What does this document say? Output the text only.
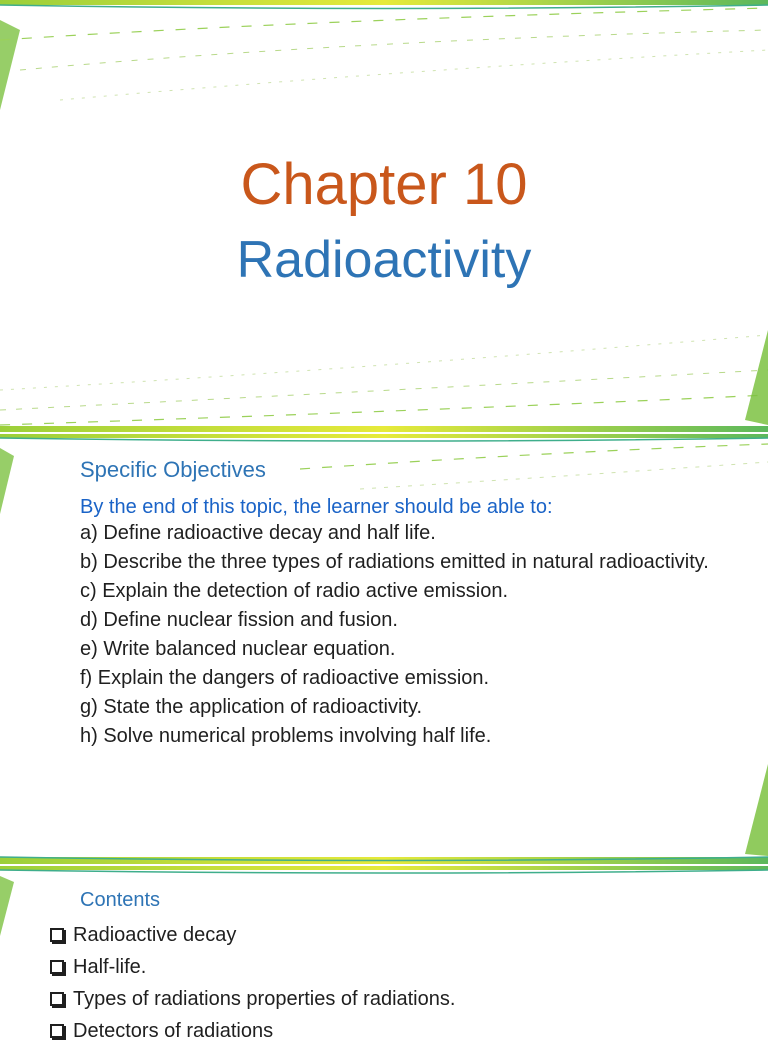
Chapter 10
Radioactivity
Specific Objectives
By the end of this topic, the learner should be able to:
a) Define radioactive decay and half life.
b) Describe the three types of radiations emitted in natural radioactivity.
c) Explain the detection of radio active emission.
d) Define nuclear fission and fusion.
e) Write balanced nuclear equation.
f) Explain the dangers of radioactive emission.
g) State the application of radioactivity.
h) Solve numerical problems involving half life.
Contents
Radioactive decay
Half-life.
Types of radiations properties of radiations.
Detectors of radiations
